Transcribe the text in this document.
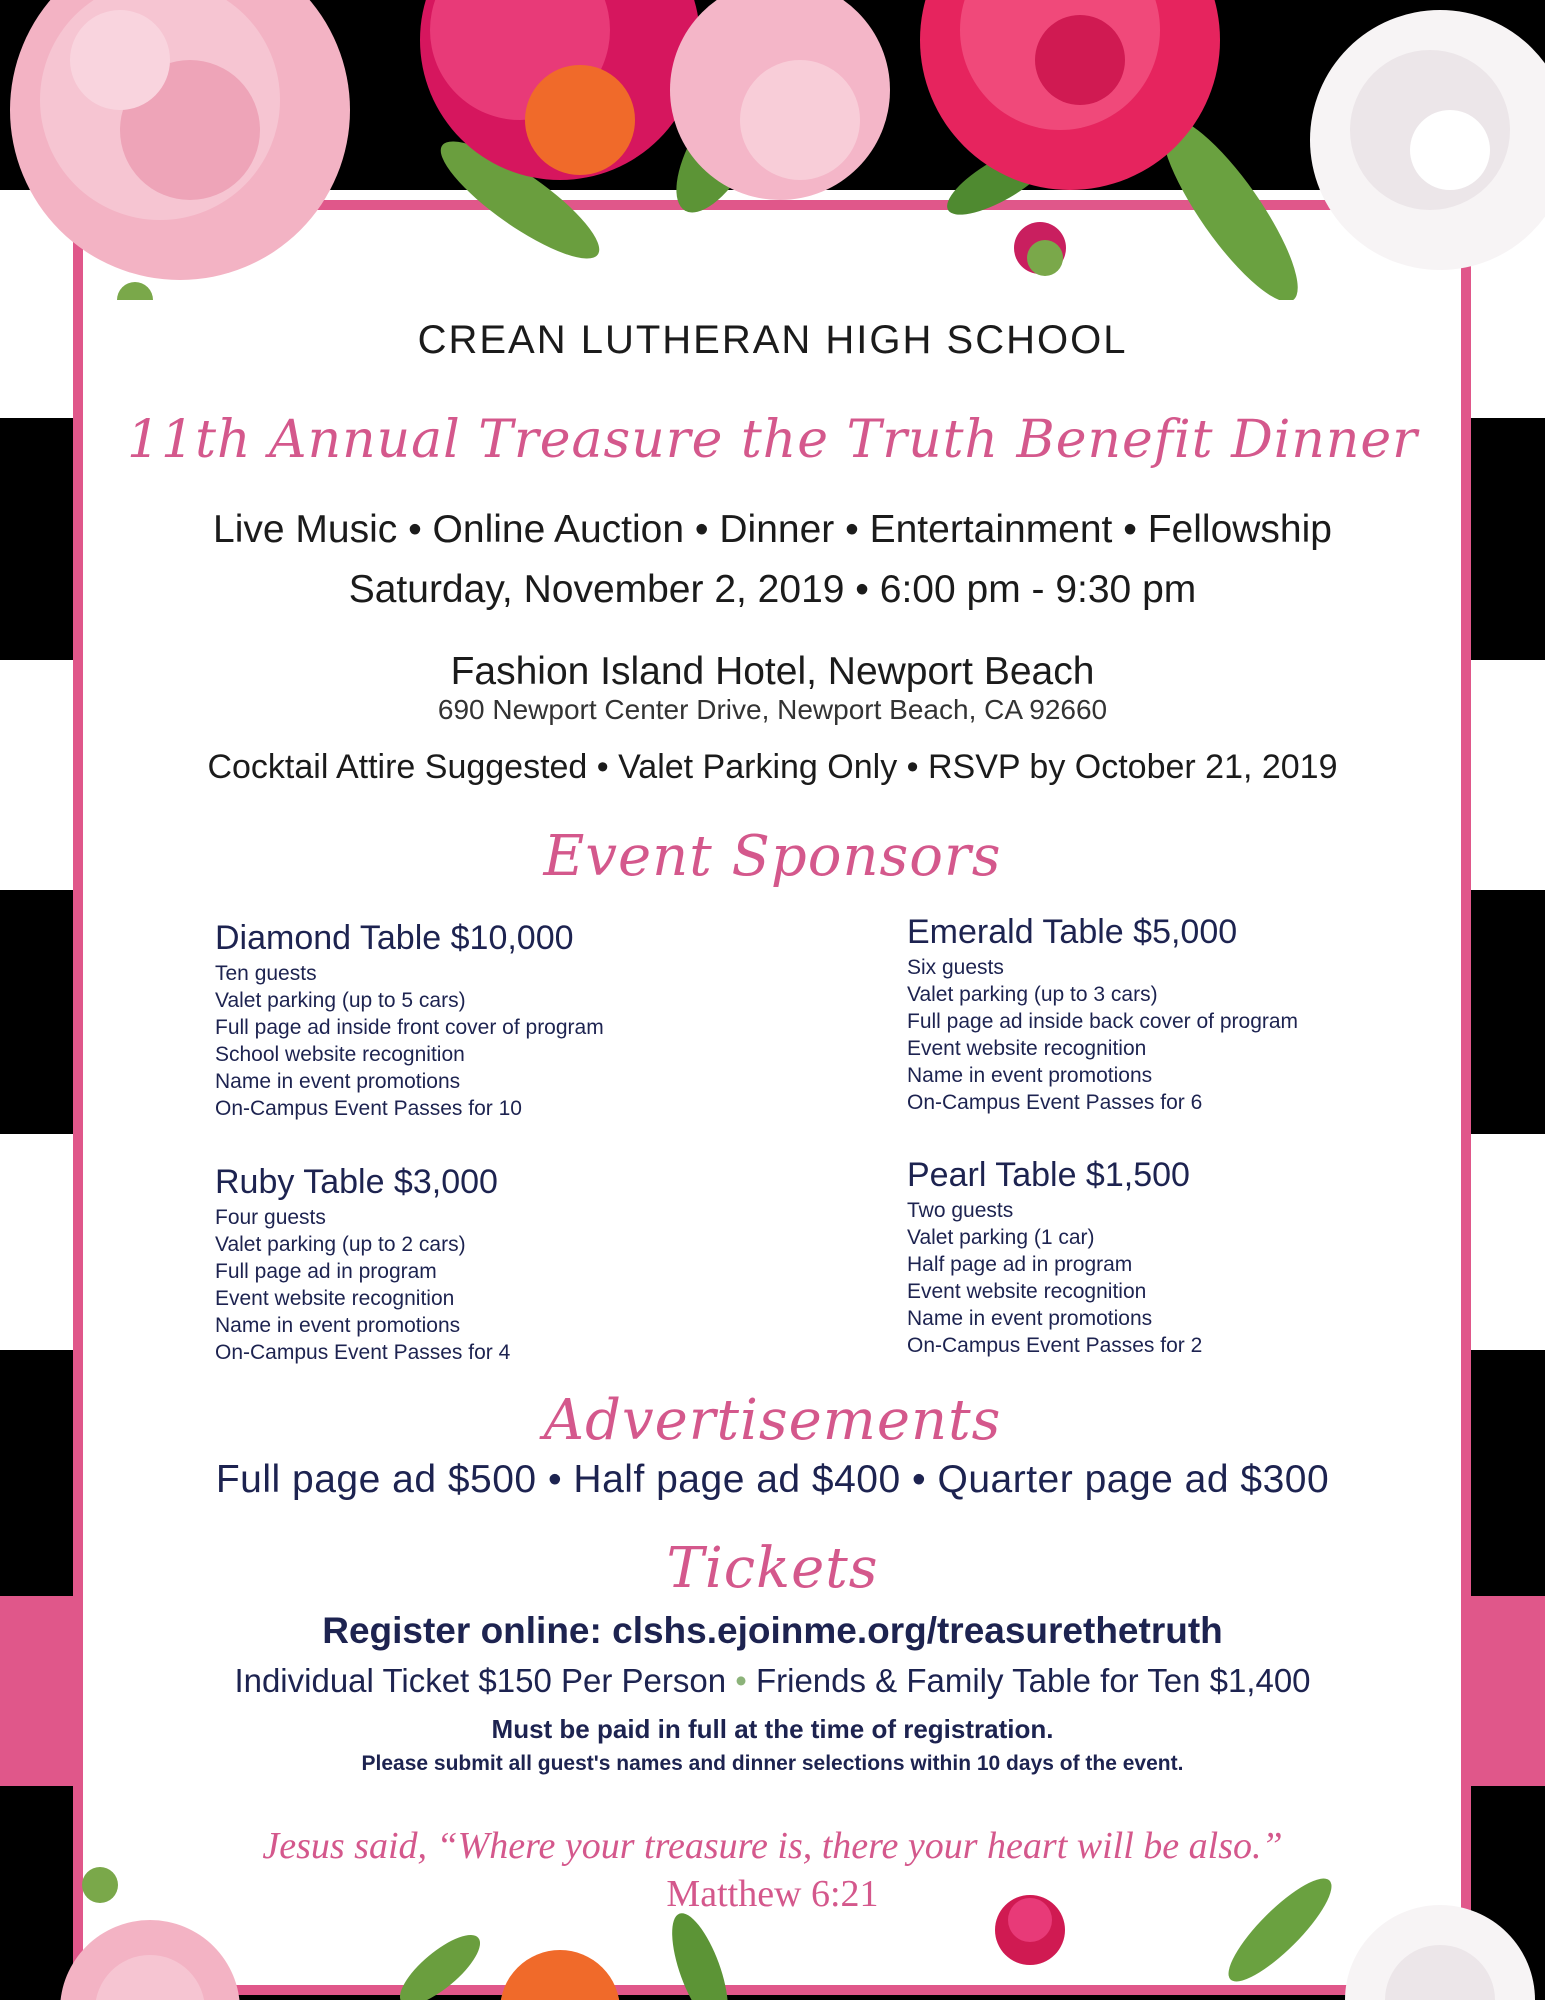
CREAN LUTHERAN HIGH SCHOOL
11th Annual Treasure the Truth Benefit Dinner
Live Music • Online Auction • Dinner • Entertainment • Fellowship
Saturday, November 2, 2019 • 6:00 pm - 9:30 pm
Fashion Island Hotel, Newport Beach
690 Newport Center Drive, Newport Beach, CA 92660
Cocktail Attire Suggested • Valet Parking Only • RSVP by October 21, 2019
Event Sponsors
Diamond Table $10,000
Ten guests
Valet parking (up to 5 cars)
Full page ad inside front cover of program
School website recognition
Name in event promotions
On-Campus Event Passes for 10
Emerald Table $5,000
Six guests
Valet parking (up to 3 cars)
Full page ad inside back cover of program
Event website recognition
Name in event promotions
On-Campus Event Passes for 6
Ruby Table $3,000
Four guests
Valet parking (up to 2 cars)
Full page ad in program
Event website recognition
Name in event promotions
On-Campus Event Passes for 4
Pearl Table $1,500
Two guests
Valet parking (1 car)
Half page ad in program
Event website recognition
Name in event promotions
On-Campus Event Passes for 2
Advertisements
Full page ad $500 • Half page ad $400 • Quarter page ad $300
Tickets
Register online: clshs.ejoinme.org/treasurethetruth
Individual Ticket $150 Per Person • Friends & Family Table for Ten $1,400
Must be paid in full at the time of registration.
Please submit all guest's names and dinner selections within 10 days of the event.
Jesus said, “Where your treasure is, there your heart will be also.”
Matthew 6:21
